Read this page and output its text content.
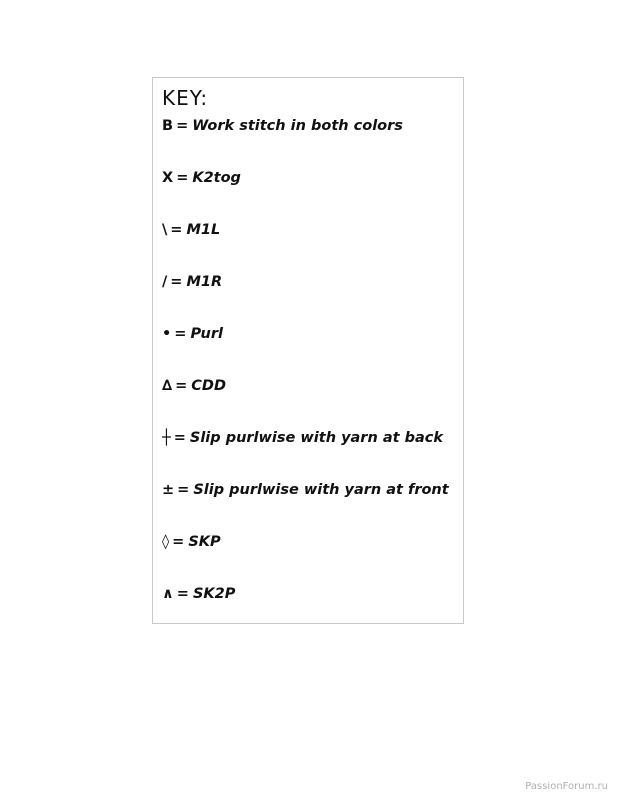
KEY:
B = Work stitch in both colors
X = K2tog
\ = M1L
/ = M1R
• = Purl
∆ = CDD
┼ = Slip purlwise with yarn at back
± = Slip purlwise with yarn at front
◊ = SKP
∧ = SK2P
PassionForum.ru
